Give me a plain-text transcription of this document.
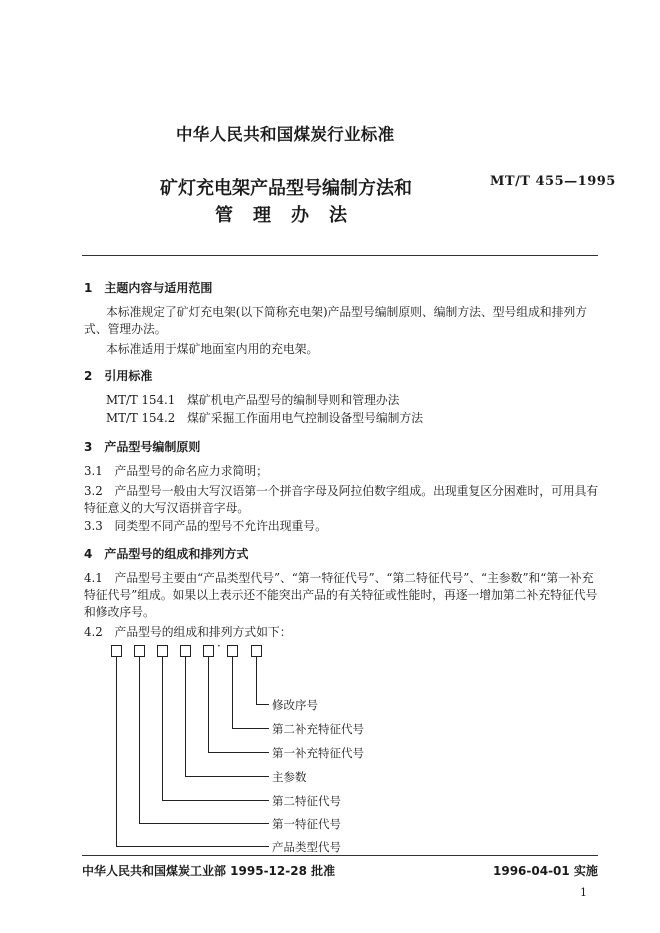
中华人民共和国煤炭行业标准
矿灯充电架产品型号编制方法和
管理办法
MT/T 455—1995
1　主题内容与适用范围
本标准规定了矿灯充电架(以下简称充电架)产品型号编制原则、编制方法、型号组成和排列方式、管理办法。
本标准适用于煤矿地面室内用的充电架。
2　引用标准
MT/T 154.1　煤矿机电产品型号的编制导则和管理办法
MT/T 154.2　煤矿采掘工作面用电气控制设备型号编制方法
3　产品型号编制原则
3.1　产品型号的命名应力求简明；
3.2　产品型号一般由大写汉语第一个拼音字母及阿拉伯数字组成。出现重复区分困难时，可用具有特征意义的大写汉语拼音字母。
3.3　同类型不同产品的型号不允许出现重号。
4　产品型号的组成和排列方式
4.1　产品型号主要由“产品类型代号”、“第一特征代号”、“第二特征代号”、“主参数”和“第一补充特征代号”组成。如果以上表示还不能突出产品的有关特征或性能时，再逐一增加第二补充特征代号和修改序号。
4.2　产品型号的组成和排列方式如下：
·
修改序号
第二补充特征代号
第一补充特征代号
主参数
第二特征代号
第一特征代号
产品类型代号
中华人民共和国煤炭工业部 1995-12-28 批准	1996-04-01 实施
1
